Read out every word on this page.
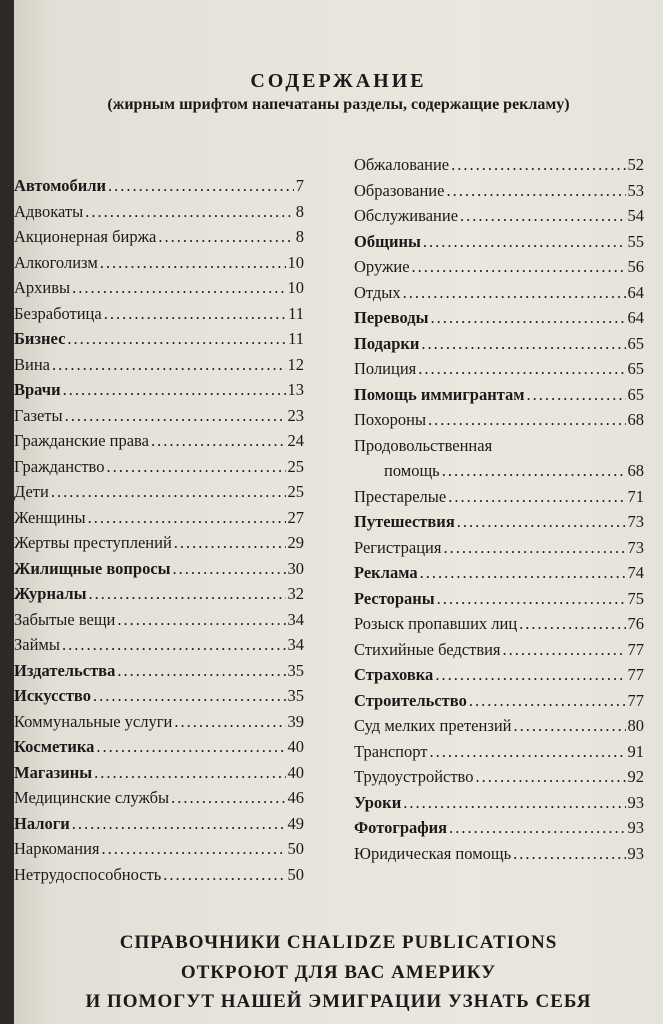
СОДЕРЖАНИЕ
(жирным шрифтом напечатаны разделы, содержащие рекламу)
Автомобили .....	7
Адвокаты .....	8
Акционерная биржа .....	8
Алкоголизм .....	10
Архивы .....	10
Безработица .....	11
Бизнес .....	11
Вина .....	12
Врачи .....	13
Газеты .....	23
Гражданские права .....	24
Гражданство .....	25
Дети .....	25
Женщины .....	27
Жертвы преступлений .....	29
Жилищные вопросы .....	30
Журналы .....	32
Забытые вещи .....	34
Займы .....	34
Издательства .....	35
Искусство .....	35
Коммунальные услуги .....	39
Косметика .....	40
Магазины .....	40
Медицинские службы .....	46
Налоги .....	49
Наркомания .....	50
Нетрудоспособность .....	50
Обжалование .....	52
Образование .....	53
Обслуживание .....	54
Общины .....	55
Оружие .....	56
Отдых .....	64
Переводы .....	64
Подарки .....	65
Полиция .....	65
Помощь иммигрантам .....	65
Похороны .....	68
Продовольственная
помощь .....	68
Престарелые .....	71
Путешествия .....	73
Регистрация .....	73
Реклама .....	74
Рестораны .....	75
Розыск пропавших лиц .....	76
Стихийные бедствия .....	77
Страховка .....	77
Строительство .....	77
Суд мелких претензий .....	80
Транспорт .....	91
Трудоустройство .....	92
Уроки .....	93
Фотография .....	93
Юридическая помощь .....	93
СПРАВОЧНИКИ CHALIDZE PUBLICATIONS
ОТКРОЮТ ДЛЯ ВАС АМЕРИКУ
И ПОМОГУТ НАШЕЙ ЭМИГРАЦИИ УЗНАТЬ СЕБЯ
